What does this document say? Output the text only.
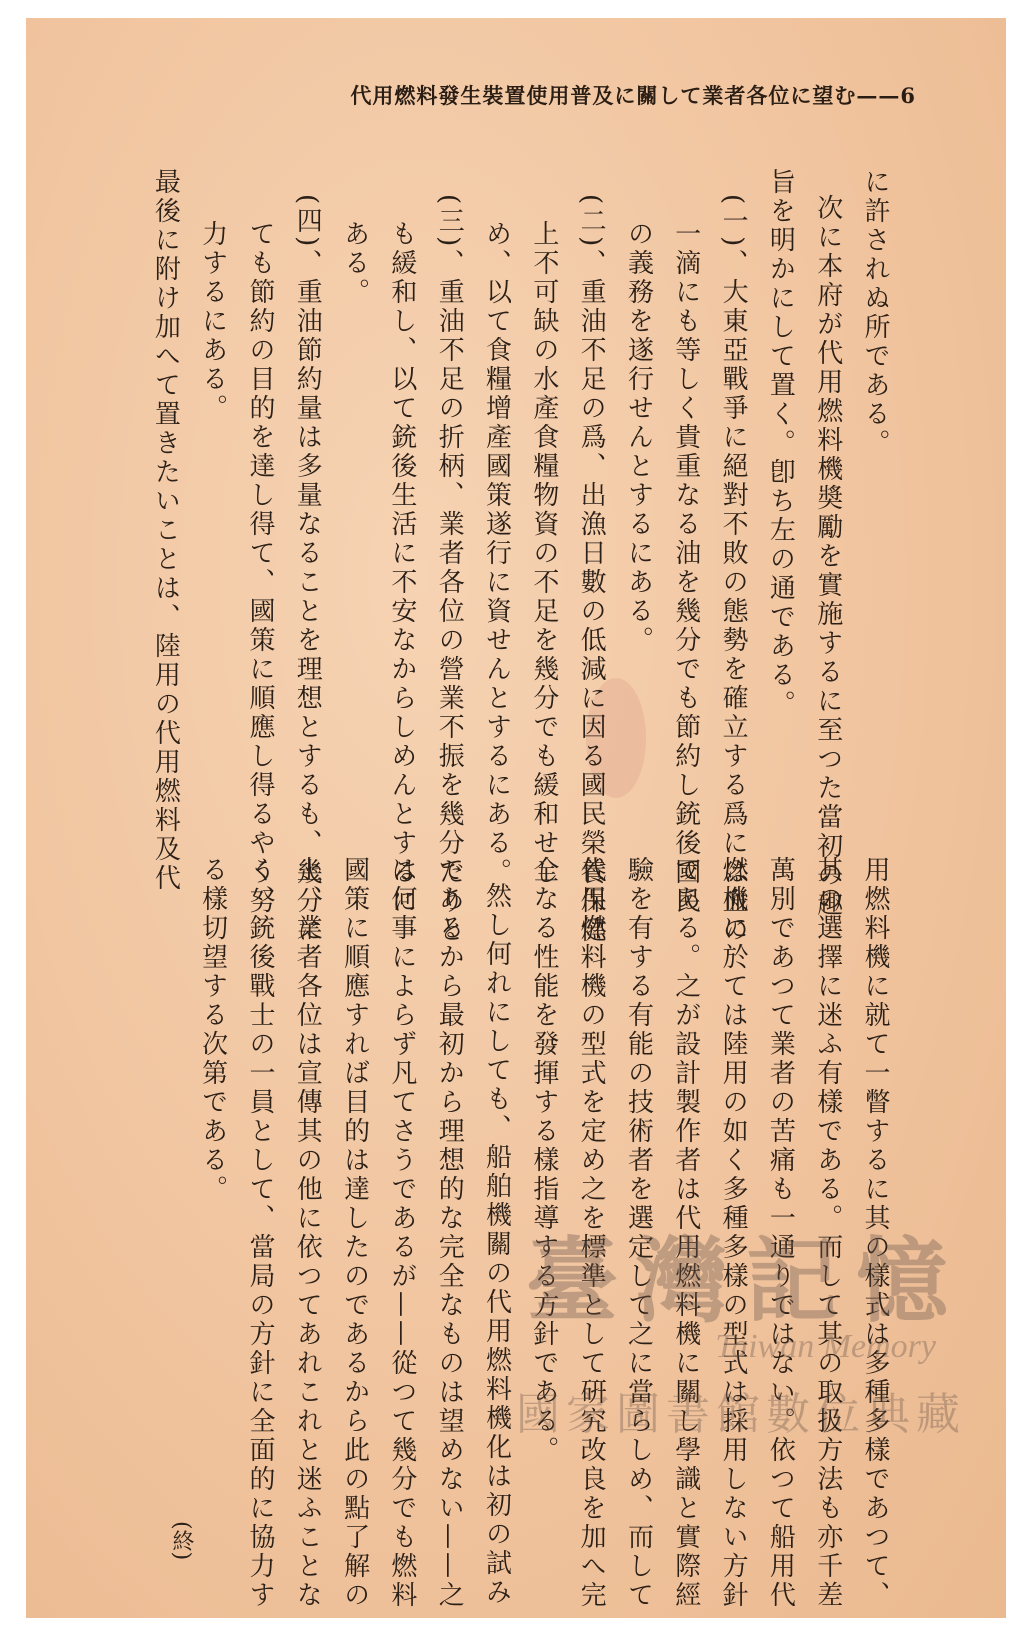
代用燃料發生裝置使用普及に關して業者各位に望む——6

に許されぬ所である。

次に本府が代用燃料機奬勵を實施するに至つた當初の趣

旨を明かにして置く。卽ち左の通である。

(一)、大東亞戰爭に絕對不敗の態勢を確立する爲には血の

一滴にも等しく貴重なる油を幾分でも節約し銃後國民

の義務を遂行せんとするにある。

(二)、重油不足の爲、出漁日數の低減に因る國民榮養保健

上不可缺の水產食糧物資の不足を幾分でも緩和せし

め、以て食糧增產國策遂行に資せんとするにある。

(三)、重油不足の折柄、業者各位の營業不振を幾分たりと

も緩和し、以て銃後生活に不安なからしめんとするに

ある。

(四)、重油節約量は多量なることを理想とするも、幾分に

ても節約の目的を達し得て、國策に順應し得るやう努

力するにある。

最後に附け加へて置きたいことは、陸用の代用燃料及代

用燃料機に就て一瞥するに其の樣式は多種多樣であつて、

其の選擇に迷ふ有樣である。而して其の取扱方法も亦千差

萬別であつて業者の苦痛も一通りではない。依つて船用代

燃機に於ては陸用の如く多種多樣の型式は採用しない方針

である。之が設計製作者は代用燃料機に關し學識と實際經

驗を有する有能の技術者を選定して之に當らしめ、而して

代用燃料機の型式を定め之を標準として硏究改良を加へ完

全なる性能を發揮する樣指導する方針である。

然し何れにしても、船舶機關の代用燃料機化は初の試み

であるから最初から理想的な完全なものは望めない——之

は何事によらず凡てさうであるが——從つて幾分でも燃料

國策に順應すれば目的は達したのであるから此の點了解の

上、業者各位は宣傳其の他に依つてあれこれと迷ふことな

く、銃後戰士の一員として、當局の方針に全面的に協力す

る樣切望する次第である。

(終)
臺灣記憶
Taiwan Memory
國家圖書館數位典藏
